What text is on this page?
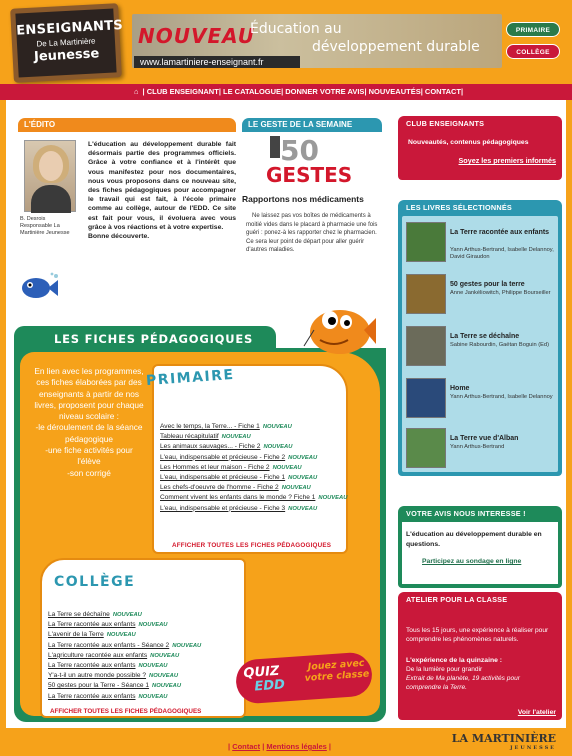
ENSEIGNANTS
De La Martinière
Jeunesse
NOUVEAU
Éducation au
développement durable
www.lamartiniere-enseignant.fr
PRIMAIRE
COLLÈGE
⌂ | CLUB ENSEIGNANT| LE CATALOGUE| DONNER VOTRE AVIS| NOUVEAUTÉS| CONTACT|
L'ÉDITO
B. Desrois
Responsable La Martinière Jeunesse
L'éducation au développement durable fait désormais partie des programmes officiels. Grâce à votre confiance et à l'intérêt que vous manifestez pour nos documentaires, nous vous proposons dans ce nouveau site, des fiches pédagogiques pour accompagner le travail qui est fait, à l'école primaire comme au collège, autour de l'EDD. Ce site est fait pour vous, il évoluera avec vous grâce à vos réactions et à votre expertise.
Bonne découverte.
LE GESTE DE LA SEMAINE
50
GESTES
Rapportons nos médicaments
Ne laissez pas vos boîtes de médicaments à moitié vides dans le placard à pharmacie une fois guéri : ponez-à les rapporter chez le pharmacien. Ce sera leur point de départ pour aller guérir d'autres maladies.
En lien avec les programmes, ces fiches élaborées par des enseignants à partir de nos livres, proposent pour chaque niveau scolaire :
-le déroulement de la séance pédagogique
-une fiche activités pour l'élève
-son corrigé
Avec le temps, la Terre... - Fiche 1 NOUVEAU
Tableau récapitulatif NOUVEAU
Les animaux sauvages... - Fiche 2 NOUVEAU
L'eau, indispensable et précieuse - Fiche 2 NOUVEAU
Les Hommes et leur maison - Fiche 2 NOUVEAU
L'eau, indispensable et précieuse - Fiche 1 NOUVEAU
Les chefs-d'oeuvre de l'homme - Fiche 2 NOUVEAU
Comment vivent les enfants dans le monde ? Fiche 1 NOUVEAU
L'eau, indispensable et précieuse - Fiche 3 NOUVEAU
AFFICHER TOUTES LES FICHES PÉDAGOGIQUES
PRIMAIRE
COLLÈGE
La Terre se déchaîne NOUVEAU
La Terre racontée aux enfants NOUVEAU
L'avenir de la Terre NOUVEAU
La Terre racontée aux enfants - Séance 2 NOUVEAU
L'agriculture racontée aux enfants NOUVEAU
La Terre racontée aux enfants NOUVEAU
Y'a-t-il un autre monde possible ? NOUVEAU
50 gestes pour la Terre - Séance 1 NOUVEAU
La Terre racontée aux enfants NOUVEAU
AFFICHER TOUTES LES FICHES PÉDAGOGIQUES
QUIZ
EDD
Jouez avec votre classe
LES FICHES PÉDAGOGIQUES
CLUB ENSEIGNANTS
Nouveautés, contenus pédagogiques
Soyez les premiers informés
LES LIVRES SÉLECTIONNÉS
La Terre racontée aux enfants
Yann Arthus-Bertrand, Isabelle Delannoy, David Giraudon
50 gestes pour la terre
Anne Jankéliowitch, Philippe Bourseiller
La Terre se déchaîne
Sabine Rabourdin, Gaëtan Boguin (Ed)
Home
Yann Arthus-Bertrand, Isabelle Delannoy
La Terre vue d'Alban
Yann Arthus-Bertrand
VOTRE AVIS NOUS INTERESSE !
L'éducation au développement durable en questions.
Participez au sondage en ligne
ATELIER POUR LA CLASSE
Tous les 15 jours, une expérience à réaliser pour comprendre les phénomènes naturels.
L'expérience de la quinzaine :
De la lumière pour grandir
Extrait de Ma planète, 19 activités pour comprendre la Terre.
Voir l'atelier
| Contact | Mentions légales |
LA MARTINIÈRE
JEUNESSE
